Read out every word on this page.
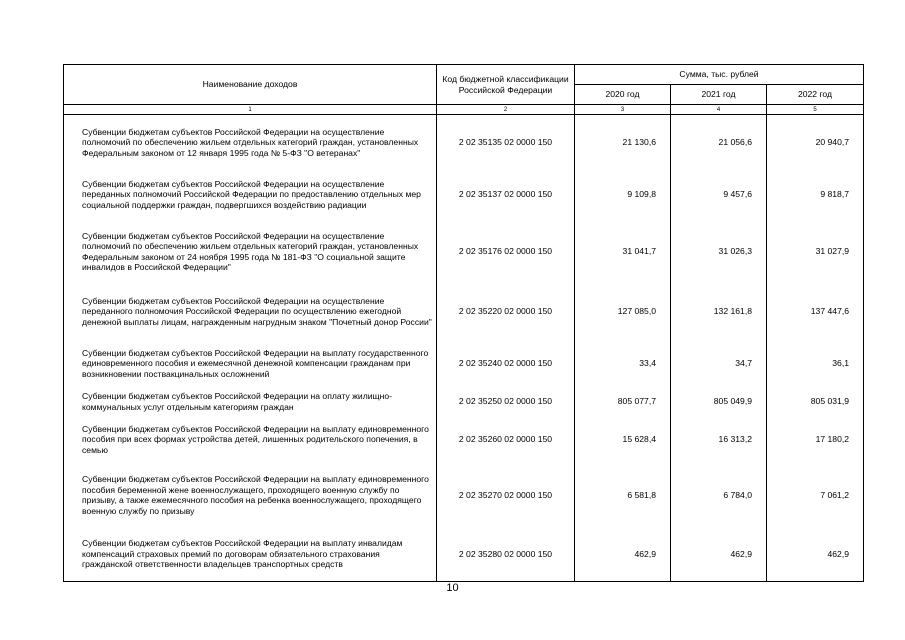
Наименование доходов	Код бюджетной классификации Российской Федерации	Сумма, тыс. рублей		
		2020 год	2021 год	2022 год
1	2	3	4	5
Субвенции бюджетам субъектов Российской Федерации на осуществление полномочий по обеспечению жильем отдельных категорий граждан, установленных Федеральным законом от 12 января 1995 года № 5-ФЗ "О ветеранах"	2 02 35135 02 0000 150	21 130,6	21 056,6	20 940,7
Субвенции бюджетам субъектов Российской Федерации на осуществление переданных полномочий Российской Федерации по предоставлению отдельных мер социальной поддержки граждан, подвергшихся воздействию радиации	2 02 35137 02 0000 150	9 109,8	9 457,6	9 818,7
Субвенции бюджетам субъектов Российской Федерации на осуществление полномочий по обеспечению жильем отдельных категорий граждан, установленных Федеральным законом от 24 ноября 1995 года № 181-ФЗ "О социальной защите инвалидов в Российской Федерации"	2 02 35176 02 0000 150	31 041,7	31 026,3	31 027,9
Субвенции бюджетам субъектов Российской Федерации на осуществление переданного полномочия Российской Федерации по осуществлению ежегодной денежной выплаты лицам, награжденным нагрудным знаком "Почетный донор России"	2 02 35220 02 0000 150	127 085,0	132 161,8	137 447,6
Субвенции бюджетам субъектов Российской Федерации на выплату государственного единовременного пособия и ежемесячной денежной компенсации гражданам при возникновении поствакцинальных осложнений	2 02 35240 02 0000 150	33,4	34,7	36,1
Субвенции бюджетам субъектов Российской Федерации на оплату жилищно-коммунальных услуг отдельным категориям граждан	2 02 35250 02 0000 150	805 077,7	805 049,9	805 031,9
Субвенции бюджетам субъектов Российской Федерации на выплату единовременного пособия при всех формах устройства детей, лишенных родительского попечения, в семью	2 02 35260 02 0000 150	15 628,4	16 313,2	17 180,2
Субвенции бюджетам субъектов Российской Федерации на выплату единовременного пособия беременной жене военнослужащего, проходящего военную службу по призыву, а также ежемесячного пособия на ребенка военнослужащего, проходящего военную службу по призыву	2 02 35270 02 0000 150	6 581,8	6 784,0	7 061,2
Субвенции бюджетам субъектов Российской Федерации на выплату инвалидам компенсаций страховых премий по договорам обязательного страхования гражданской ответственности владельцев транспортных средств	2 02 35280 02 0000 150	462,9	462,9	462,9
10
